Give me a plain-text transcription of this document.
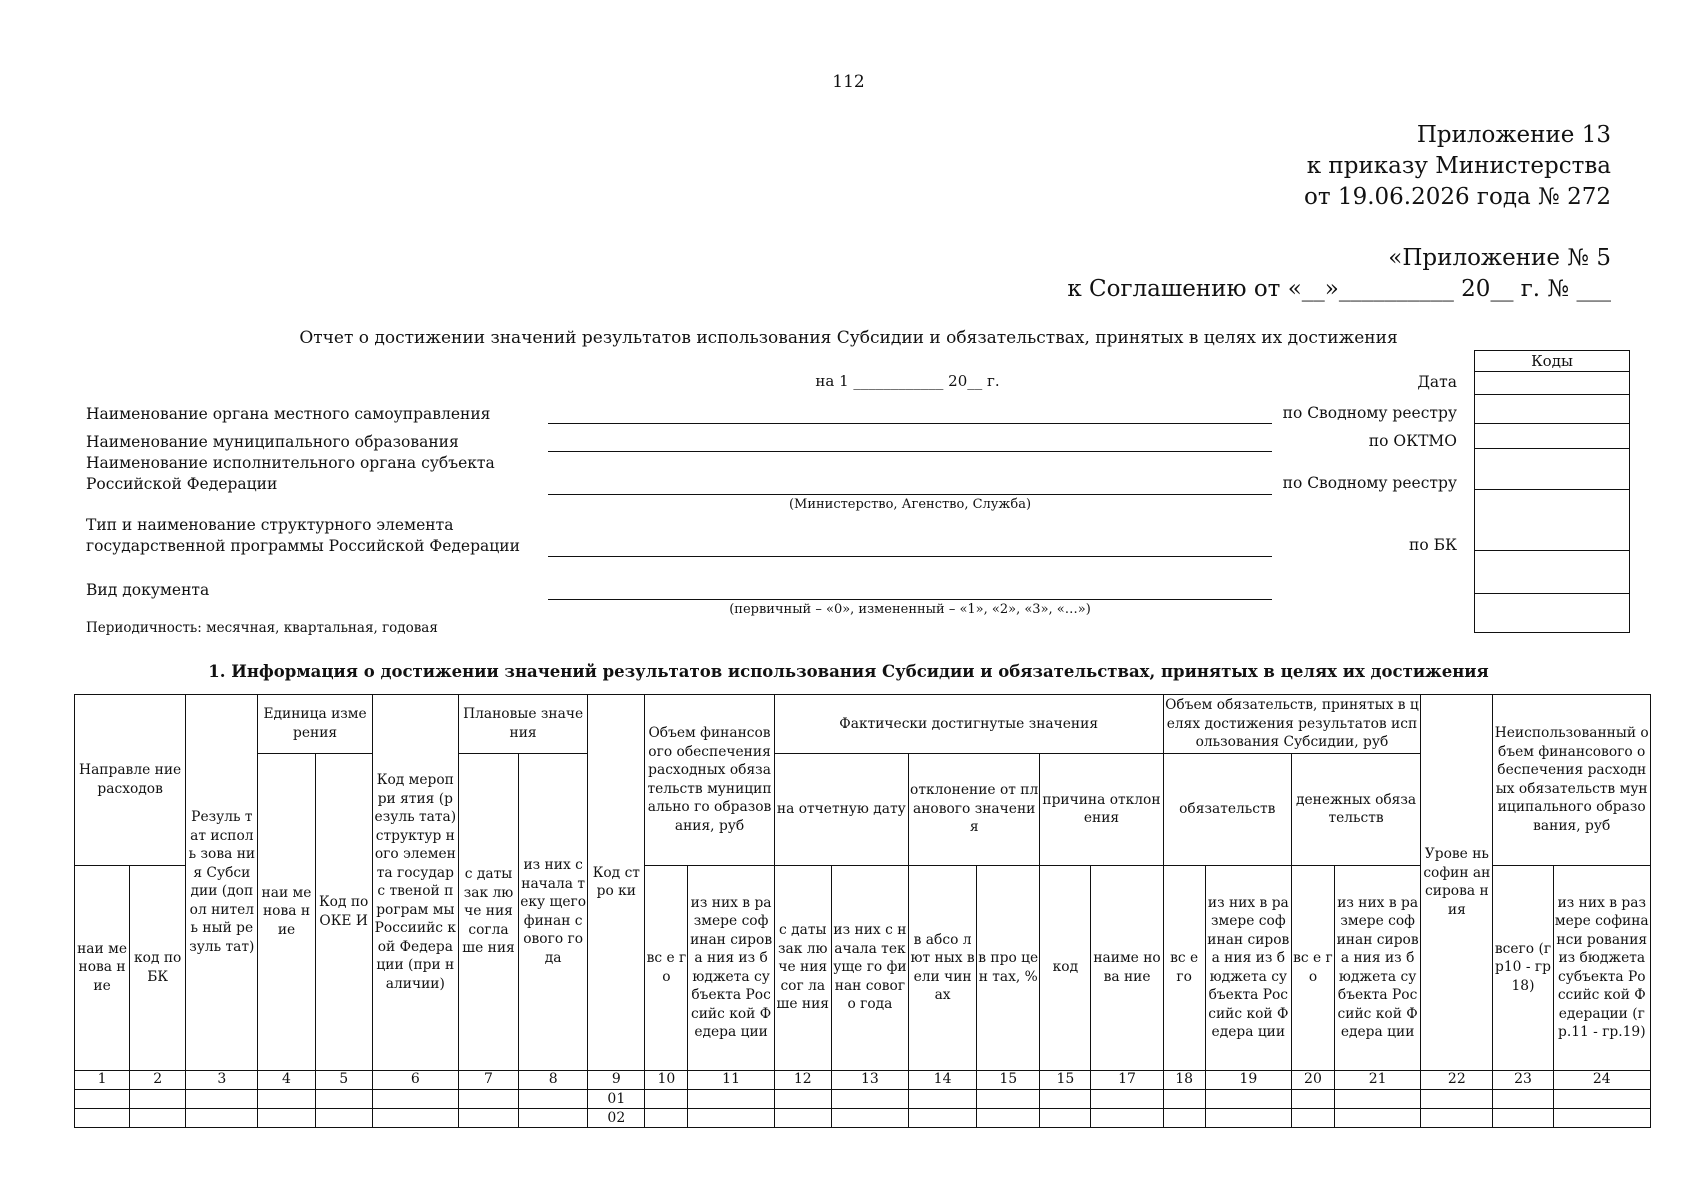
112
Приложение 13
к приказу Министерства
от 19.06.2026 года № 272
«Приложение № 5
к Соглашению от «__»__________ 20__ г. № ___
Отчет о достижении значений результатов использования Субсидии и обязательствах, принятых в целях их достижения
на 1 ____________ 20__ г.
Наименование органа местного самоуправления
Наименование муниципального образования
Наименование исполнительного органа субъекта
Российской Федерации
(Министерство, Агенство, Служба)
Тип и наименование структурного элемента
государственной программы Российской Федерации
Вид документа
(первичный – «0», измененный – «1», «2», «3», «…»)
Периодичность: месячная, квартальная, годовая
Дата
по Сводному реестру
по ОКТМО
по Сводному реестру
по БК
Коды

1. Информация о достижении значений результатов использования Субсидии и обязательствах, принятых в целях их достижения
Направле ние расходов		Резуль тат исполь зова ния Субси дии (допол нитель ный резуль тат)	Единица измерения		Код меропри ятия (резуль тата) структур ного элемента государс твеной програм мы Россиийс кой Федера ции (при наличии)	Плановые значения		Код стро ки	Объем финансового обеспечения расходных обязательств муниципально го образования, руб		Фактически достигнутые значения						Объем обязательств, принятых в целях достижения результатов использования Субсидии, руб				Урове нь софин ан сирова ния	Неиспользованный объем финансового обеспечения расходных обязательств муниципального образования, руб	
			наи ме нова ние	Код по ОКЕ И		с даты зак лю че ния согла ше ния	из них с начала теку щего финан сового года				на отчетную дату		отклонение от планового значения		причина отклонения		обязательств		денежных обязательств				
наи ме нова ние	код по БК								вс е го	из них в размере софинан сирова ния из бюджета субъекта Российс кой Федера ции	с даты зак лю че ния сог ла ше ния	из них с начала текуще го финан сового года	в абсо лют ных вели чинах	в про цен тах, %	код	наиме нова ние	вс е го	из них в размере софинан сирова ния из бюджета субъекта Российс кой Федера ции	вс е го	из них в размере софинан сирова ния из бюджета субъекта Российс кой Федера ции		всего (гр10 - гр18)	из них в размере софинанси рования из бюджета субъекта Российс кой Федерации (гр.11 - гр.19)
1	2	3	4	5	6	7	8	9	10	11	12	13	14	15	15	17	18	19	20	21	22	23	24
								01															
								02															
